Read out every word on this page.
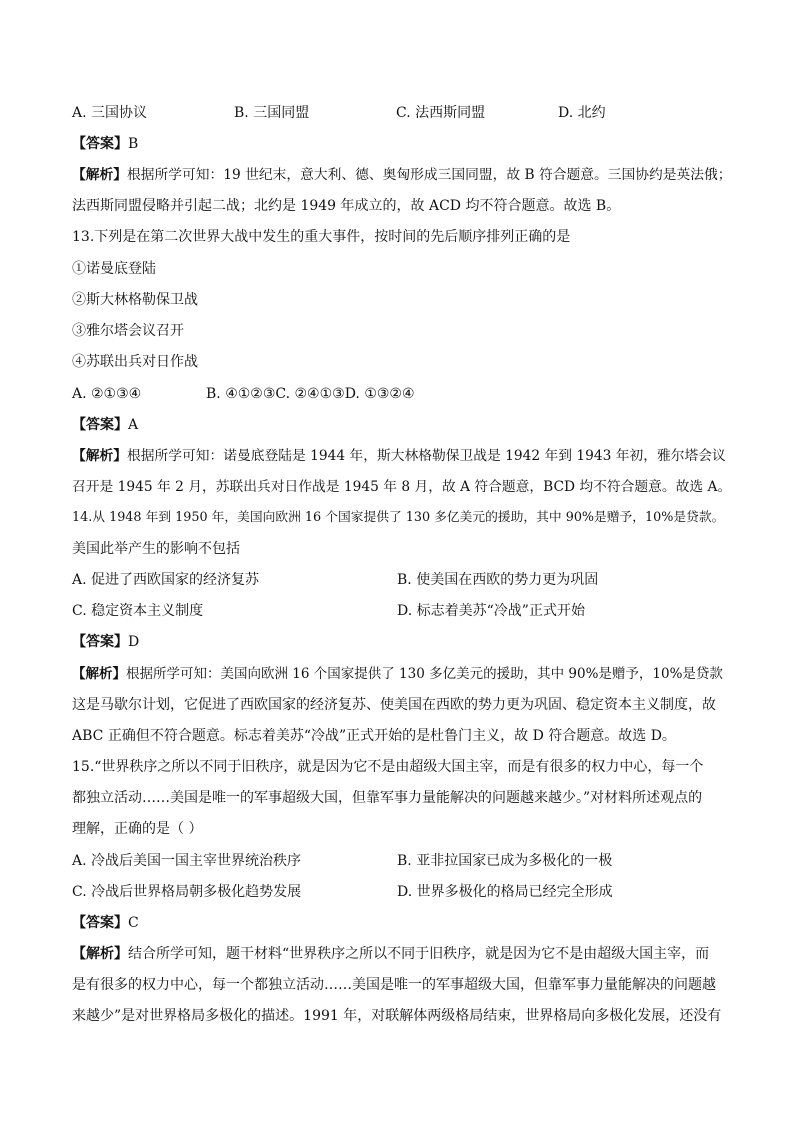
A. 三国协议	B. 三国同盟	C. 法西斯同盟	D. 北约
【答案】B
【解析】根据所学可知：19 世纪末，意大利、德、奥匈形成三国同盟，故 B 符合题意。三国协约是英法俄；
法西斯同盟侵略并引起二战；北约是 1949 年成立的，故 ACD 均不符合题意。故选 B。
13.下列是在第二次世界大战中发生的重大事件，按时间的先后顺序排列正确的是
①诺曼底登陆
②斯大林格勒保卫战
③雅尔塔会议召开
④苏联出兵对日作战
A. ②①③④	B. ④①②③C. ②④①③D. ①③②④
【答案】A
【解析】根据所学可知：诺曼底登陆是 1944 年，斯大林格勒保卫战是 1942 年到 1943 年初，雅尔塔会议
召开是 1945 年 2 月，苏联出兵对日作战是 1945 年 8 月，故 A 符合题意，BCD 均不符合题意。故选 A。
14.从 1948 年到 1950 年，美国向欧洲 16 个国家提供了 130 多亿美元的援助，其中 90%是赠予，10%是贷款。
美国此举产生的影响不包括
A. 促进了西欧国家的经济复苏	B. 使美国在西欧的势力更为巩固
C. 稳定资本主义制度	D. 标志着美苏“冷战”正式开始
【答案】D
【解析】根据所学可知：美国向欧洲 16 个国家提供了 130 多亿美元的援助，其中 90%是赠予，10%是贷款
这是马歇尔计划，它促进了西欧国家的经济复苏、使美国在西欧的势力更为巩固、稳定资本主义制度，故
ABC 正确但不符合题意。标志着美苏“冷战”正式开始的是杜鲁门主义，故 D 符合题意。故选 D。
15.“世界秩序之所以不同于旧秩序，就是因为它不是由超级大国主宰，而是有很多的权力中心，每一个
都独立活动……美国是唯一的军事超级大国，但靠军事力量能解决的问题越来越少。”对材料所述观点的
理解，正确的是（ ）
A. 冷战后美国一国主宰世界统治秩序	B. 亚非拉国家已成为多极化的一极
C. 冷战后世界格局朝多极化趋势发展	D. 世界多极化的格局已经完全形成
【答案】C
【解析】结合所学可知，题干材料“世界秩序之所以不同于旧秩序，就是因为它不是由超级大国主宰，而
是有很多的权力中心，每一个都独立活动……美国是唯一的军事超级大国，但靠军事力量能解决的问题越
来越少”是对世界格局多极化的描述。1991 年，对联解体两级格局结束，世界格局向多极化发展，还没有
